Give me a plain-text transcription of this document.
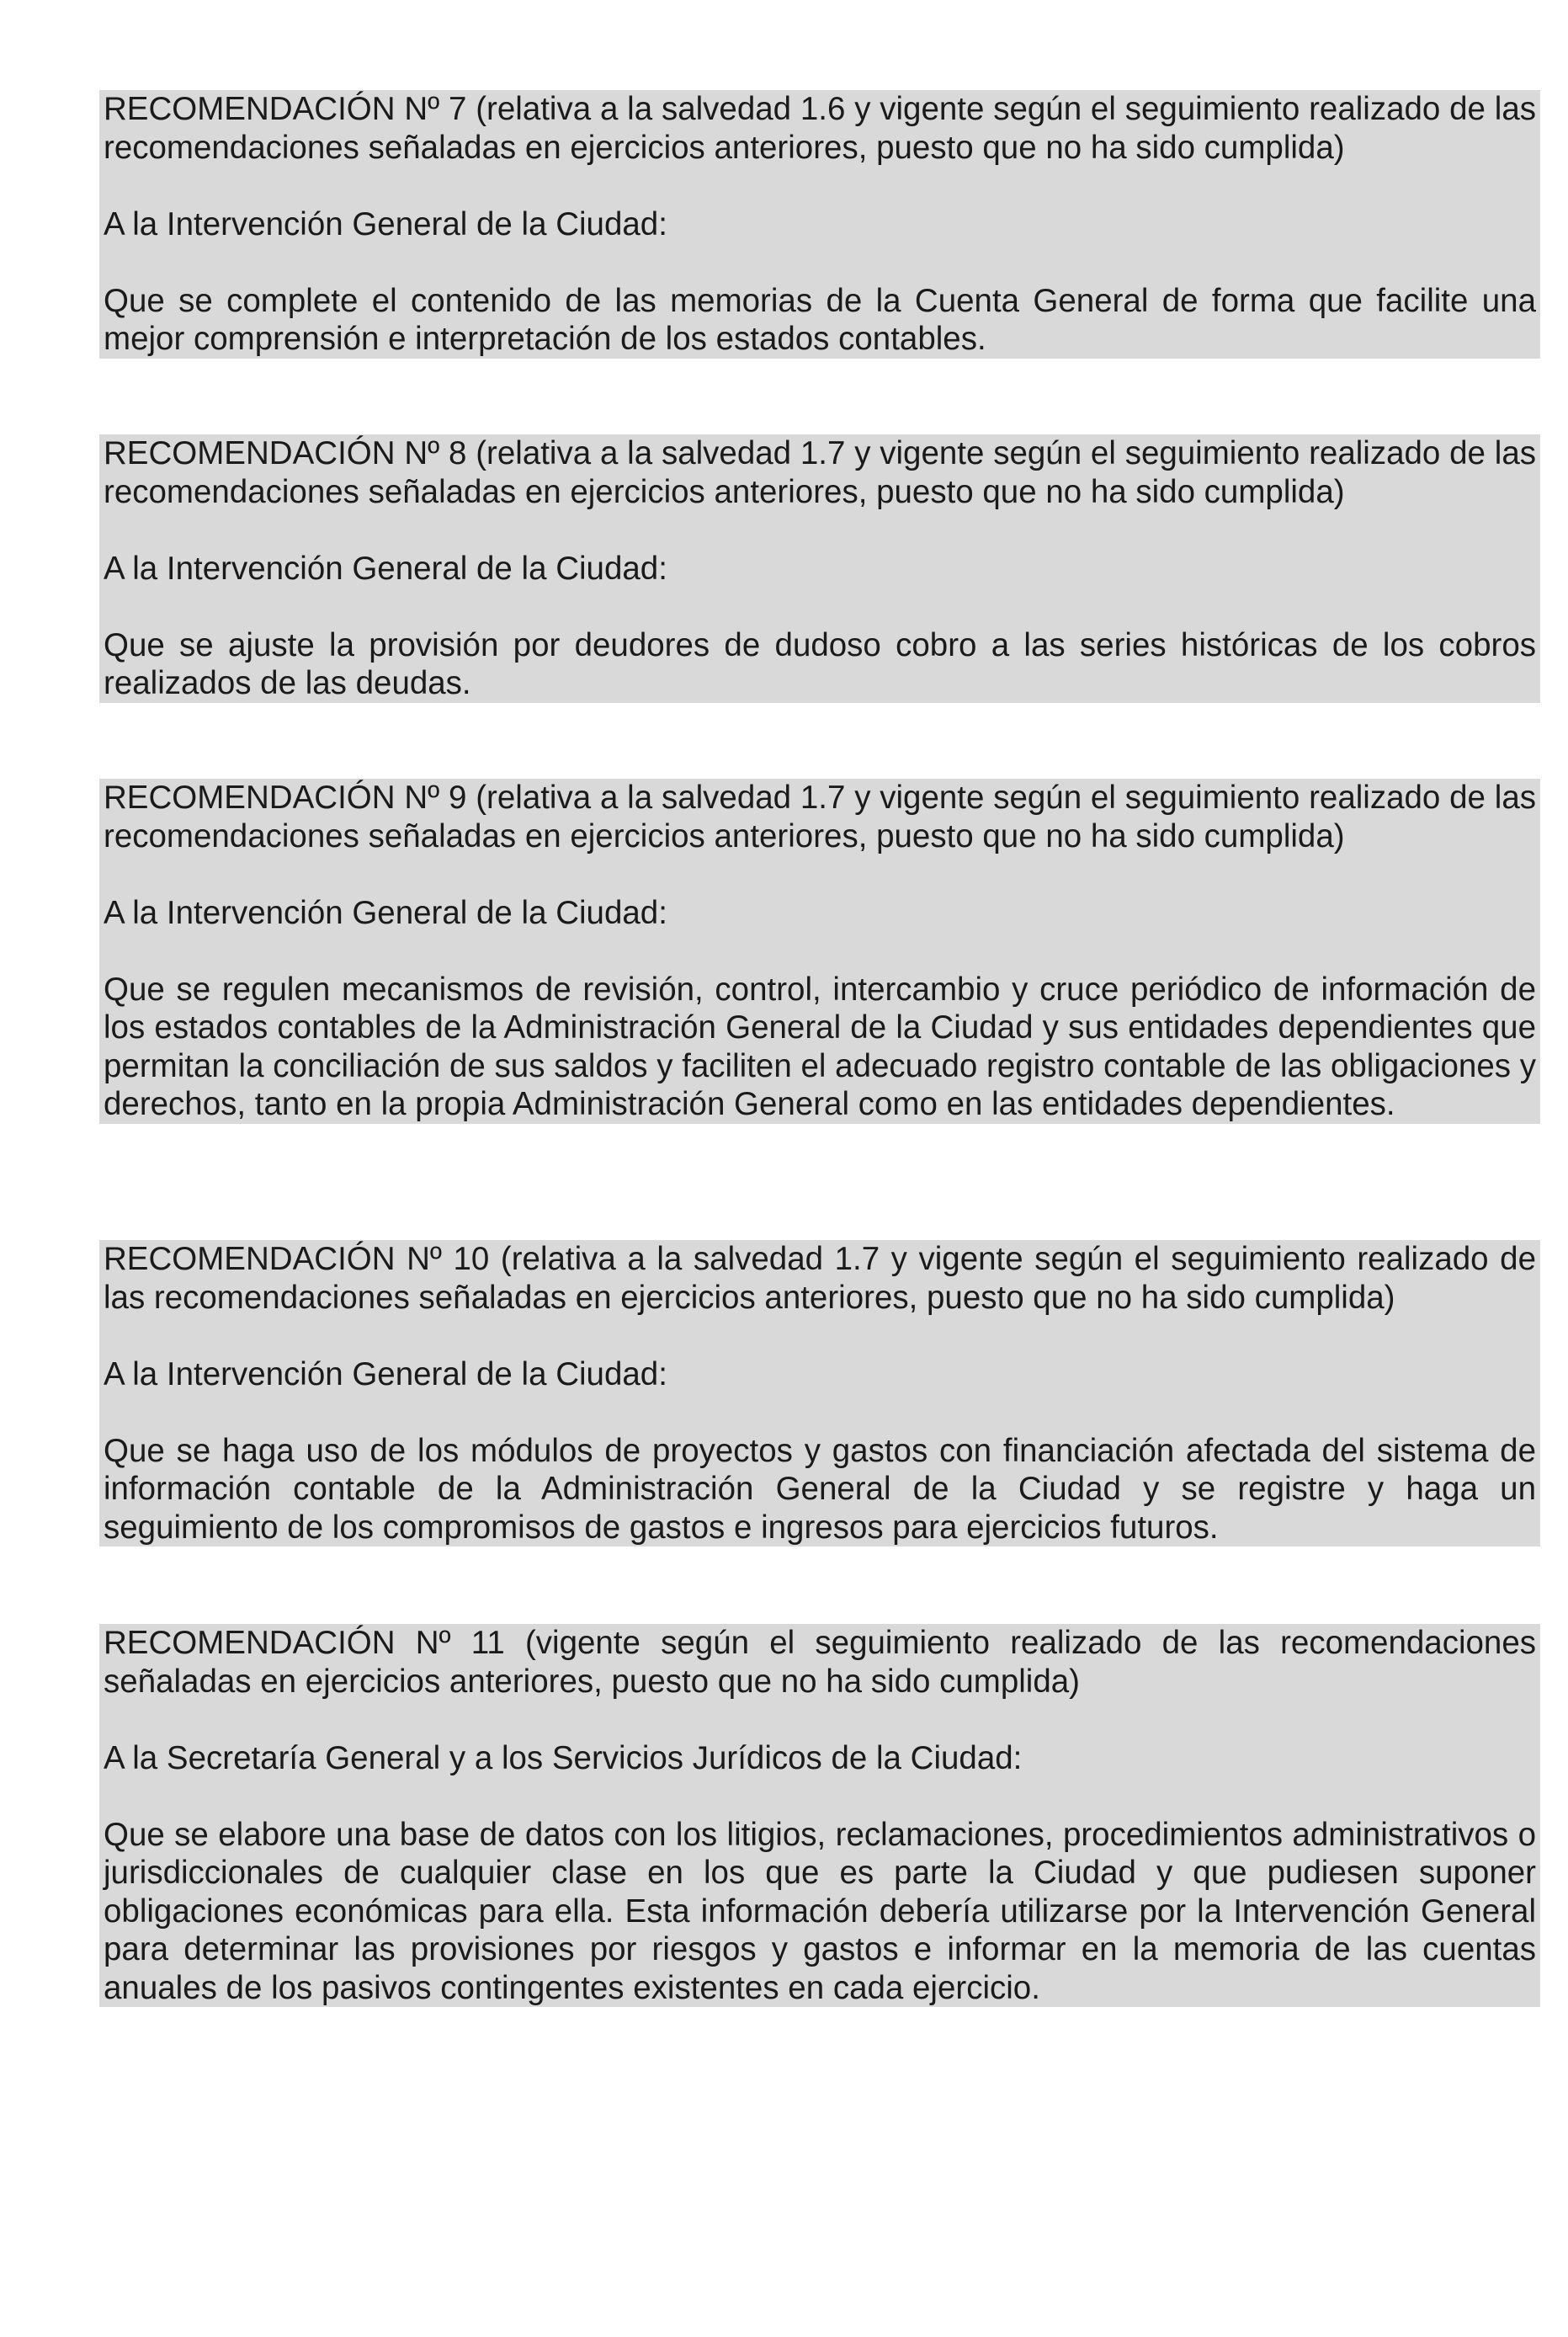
RECOMENDACIÓN Nº 7 (relativa a la salvedad 1.6 y vigente según el seguimiento realizado de las recomendaciones señaladas en ejercicios anteriores, puesto que no ha sido cumplida)

A la Intervención General de la Ciudad:

Que se complete el contenido de las memorias de la Cuenta General de forma que facilite una mejor comprensión e interpretación de los estados contables.

RECOMENDACIÓN Nº 8 (relativa a la salvedad 1.7 y vigente según el seguimiento realizado de las recomendaciones señaladas en ejercicios anteriores, puesto que no ha sido cumplida)

A la Intervención General de la Ciudad:

Que se ajuste la provisión por deudores de dudoso cobro a las series históricas de los cobros realizados de las deudas.

RECOMENDACIÓN Nº 9 (relativa a la salvedad 1.7 y vigente según el seguimiento realizado de las recomendaciones señaladas en ejercicios anteriores, puesto que no ha sido cumplida)

A la Intervención General de la Ciudad:

Que se regulen mecanismos de revisión, control, intercambio y cruce periódico de información de los estados contables de la Administración General de la Ciudad y sus entidades dependientes que permitan la conciliación de sus saldos y faciliten el adecuado registro contable de las obligaciones y derechos, tanto en la propia Administración General como en las entidades dependientes.

RECOMENDACIÓN Nº 10 (relativa a la salvedad 1.7 y vigente según el seguimiento realizado de las recomendaciones señaladas en ejercicios anteriores, puesto que no ha sido cumplida)

A la Intervención General de la Ciudad:

Que se haga uso de los módulos de proyectos y gastos con financiación afectada del sistema de información contable de la Administración General de la Ciudad y se registre y haga un seguimiento de los compromisos de gastos e ingresos para ejercicios futuros.

RECOMENDACIÓN Nº 11 (vigente según el seguimiento realizado de las recomendaciones señaladas en ejercicios anteriores, puesto que no ha sido cumplida)

A la Secretaría General y a los Servicios Jurídicos de la Ciudad:

Que se elabore una base de datos con los litigios, reclamaciones, procedimientos administrativos o jurisdiccionales de cualquier clase en los que es parte la Ciudad y que pudiesen suponer obligaciones económicas para ella. Esta información debería utilizarse por la Intervención General para determinar las provisiones por riesgos y gastos e informar en la memoria de las cuentas anuales de los pasivos contingentes existentes en cada ejercicio.
